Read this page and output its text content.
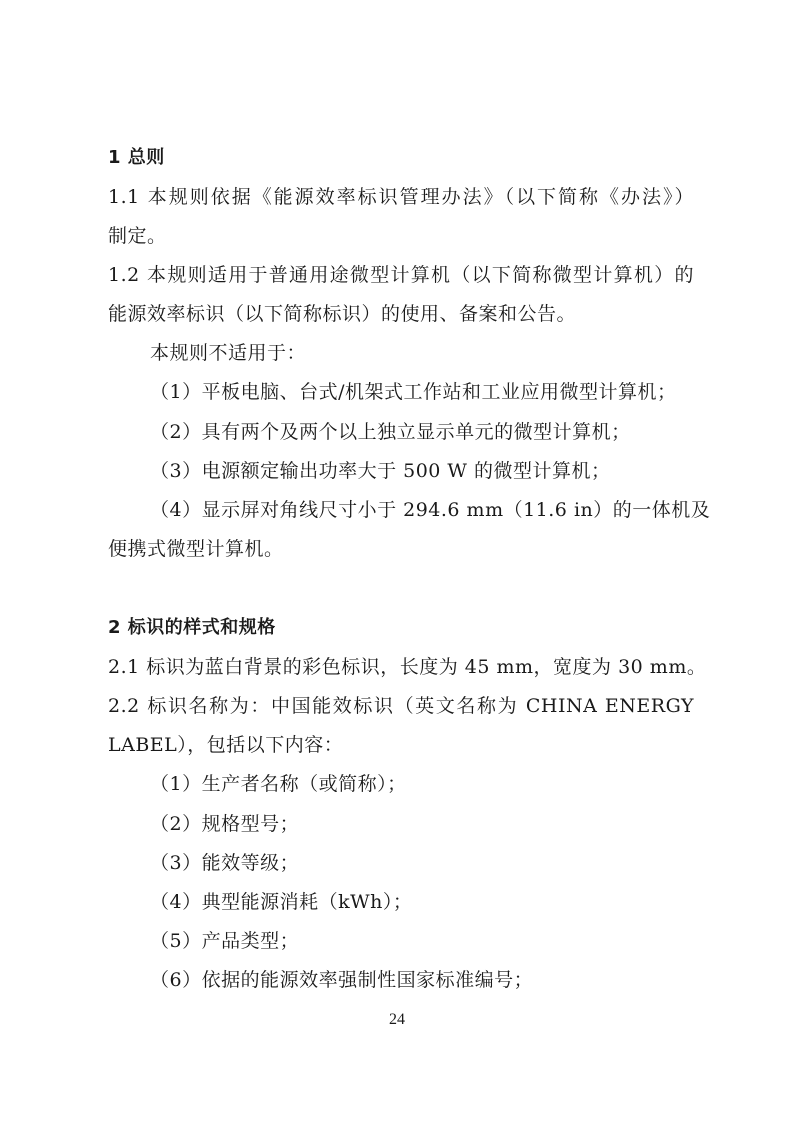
1 总则
1.1 本规则依据《能源效率标识管理办法》（以下简称《办法》）
制定。
1.2 本规则适用于普通用途微型计算机（以下简称微型计算机）的
能源效率标识（以下简称标识）的使用、备案和公告。
本规则不适用于：
（1）平板电脑、台式/机架式工作站和工业应用微型计算机；
（2）具有两个及两个以上独立显示单元的微型计算机；
（3）电源额定输出功率大于 500 W 的微型计算机；
（4）显示屏对角线尺寸小于 294.6 mm（11.6 in）的一体机及
便携式微型计算机。
2 标识的样式和规格
2.1 标识为蓝白背景的彩色标识，长度为 45 mm，宽度为 30 mm。
2.2 标识名称为：中国能效标识（英文名称为 CHINA ENERGY
LABEL），包括以下内容：
（1）生产者名称（或简称）；
（2）规格型号；
（3）能效等级；
（4）典型能源消耗（kWh）；
（5）产品类型；
（6）依据的能源效率强制性国家标准编号；
24
